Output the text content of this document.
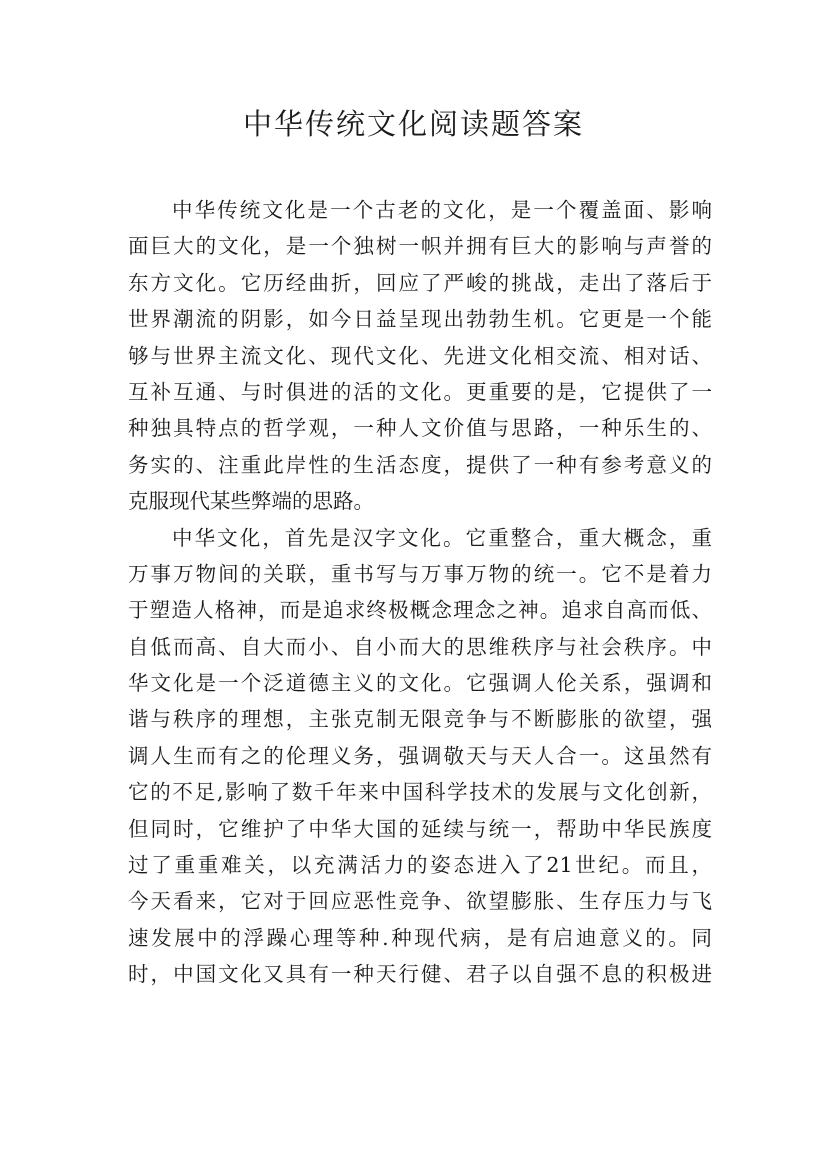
中华传统文化阅读题答案
中华传统文化是一个古老的文化，是一个覆盖面、影响
面巨大的文化，是一个独树一帜并拥有巨大的影响与声誉的
东方文化。它历经曲折，回应了严峻的挑战，走出了落后于
世界潮流的阴影，如今日益呈现出勃勃生机。它更是一个能
够与世界主流文化、现代文化、先进文化相交流、相对话、
互补互通、与时俱进的活的文化。更重要的是，它提供了一
种独具特点的哲学观，一种人文价值与思路，一种乐生的、
务实的、注重此岸性的生活态度，提供了一种有参考意义的
克服现代某些弊端的思路。
中华文化，首先是汉字文化。它重整合，重大概念，重
万事万物间的关联，重书写与万事万物的统一。它不是着力
于塑造人格神，而是追求终极概念理念之神。追求自高而低、
自低而高、自大而小、自小而大的思维秩序与社会秩序。中
华文化是一个泛道德主义的文化。它强调人伦关系，强调和
谐与秩序的理想，主张克制无限竞争与不断膨胀的欲望，强
调人生而有之的伦理义务，强调敬天与天人合一。这虽然有
它的不足,影响了数千年来中国科学技术的发展与文化创新，
但同时，它维护了中华大国的延续与统一，帮助中华民族度
过了重重难关，以充满活力的姿态进入了21世纪。而且，
今天看来，它对于回应恶性竞争、欲望膨胀、生存压力与飞
速发展中的浮躁心理等种.种现代病，是有启迪意义的。同
时，中国文化又具有一种天行健、君子以自强不息的积极进
